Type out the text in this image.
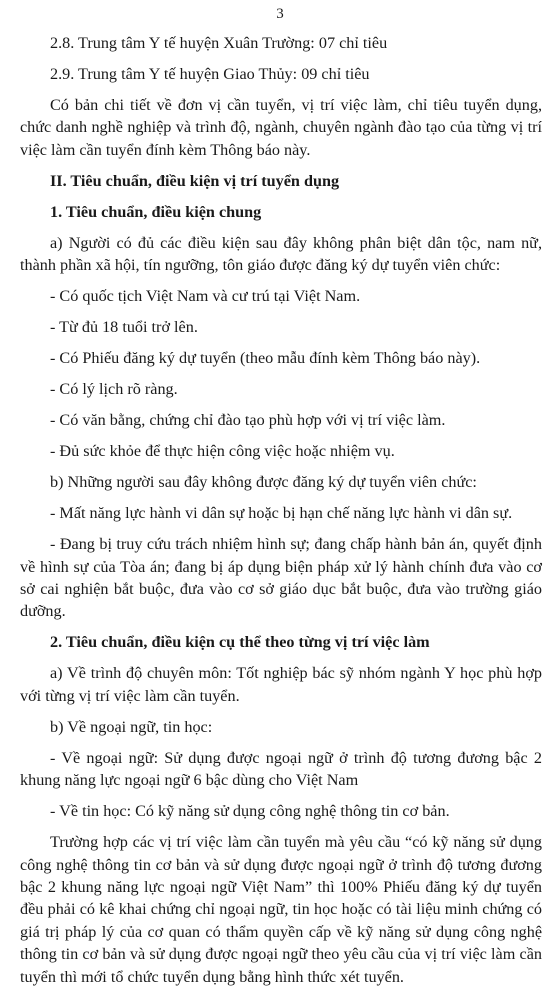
3

2.8. Trung tâm Y tế huyện Xuân Trường: 07 chỉ tiêu

2.9. Trung tâm Y tế huyện Giao Thủy: 09 chỉ tiêu

Có bản chi tiết về đơn vị cần tuyển, vị trí việc làm, chỉ tiêu tuyển dụng, chức danh nghề nghiệp và trình độ, ngành, chuyên ngành đào tạo của từng vị trí việc làm cần tuyển đính kèm Thông báo này.

II. Tiêu chuẩn, điều kiện vị trí tuyển dụng

1. Tiêu chuẩn, điều kiện chung

a) Người có đủ các điều kiện sau đây không phân biệt dân tộc, nam nữ, thành phần xã hội, tín ngưỡng, tôn giáo được đăng ký dự tuyển viên chức:

- Có quốc tịch Việt Nam và cư trú tại Việt Nam.

- Từ đủ 18 tuổi trở lên.

- Có Phiếu đăng ký dự tuyển (theo mẫu đính kèm Thông báo này).

- Có lý lịch rõ ràng.

- Có văn bằng, chứng chỉ đào tạo phù hợp với vị trí việc làm.

- Đủ sức khỏe để thực hiện công việc hoặc nhiệm vụ.

b) Những người sau đây không được đăng ký dự tuyển viên chức:

- Mất năng lực hành vi dân sự hoặc bị hạn chế năng lực hành vi dân sự.

- Đang bị truy cứu trách nhiệm hình sự; đang chấp hành bản án, quyết định về hình sự của Tòa án; đang bị áp dụng biện pháp xử lý hành chính đưa vào cơ sở cai nghiện bắt buộc, đưa vào cơ sở giáo dục bắt buộc, đưa vào trường giáo dưỡng.

2. Tiêu chuẩn, điều kiện cụ thể theo từng vị trí việc làm

a) Về trình độ chuyên môn: Tốt nghiệp bác sỹ nhóm ngành Y học phù hợp với từng vị trí việc làm cần tuyển.

b) Về ngoại ngữ, tin học:

- Về ngoại ngữ: Sử dụng được ngoại ngữ ở trình độ tương đương bậc 2 khung năng lực ngoại ngữ 6 bậc dùng cho Việt Nam

- Về tin học: Có kỹ năng sử dụng công nghệ thông tin cơ bản.

Trường hợp các vị trí việc làm cần tuyển mà yêu cầu “có kỹ năng sử dụng công nghệ thông tin cơ bản và sử dụng được ngoại ngữ ở trình độ tương đương bậc 2 khung năng lực ngoại ngữ Việt Nam” thì 100% Phiếu đăng ký dự tuyển đều phải có kê khai chứng chỉ ngoại ngữ, tin học hoặc có tài liệu minh chứng có giá trị pháp lý của cơ quan có thẩm quyền cấp về kỹ năng sử dụng công nghệ thông tin cơ bản và sử dụng được ngoại ngữ theo yêu cầu của vị trí việc làm cần tuyển thì mới tổ chức tuyển dụng bằng hình thức xét tuyển.
